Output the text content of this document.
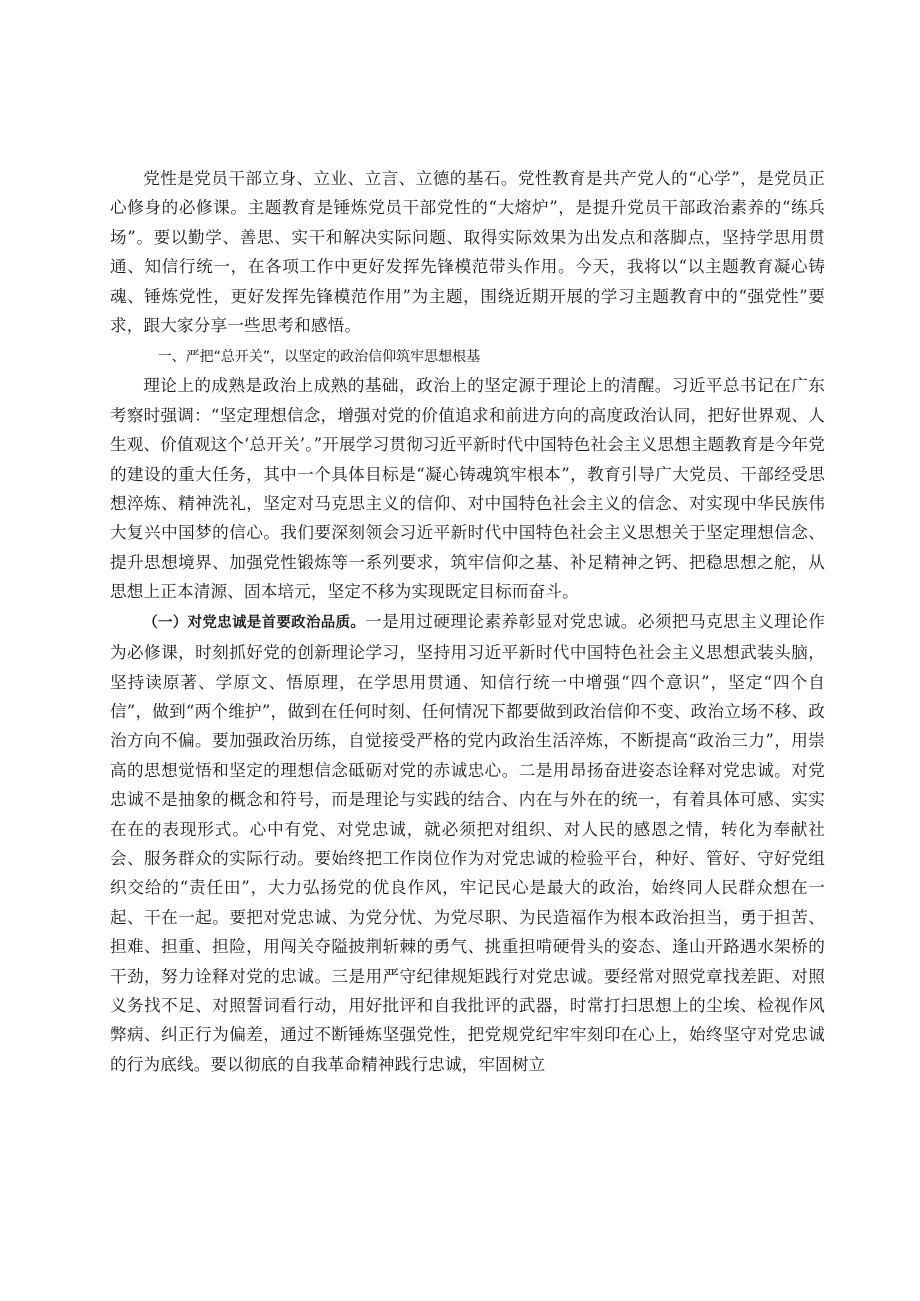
党性是党员干部立身、立业、立言、立德的基石。党性教育是共产党人的“心学”，是党员正心修身的必修课。主题教育是锤炼党员干部党性的“大熔炉”，是提升党员干部政治素养的“练兵场”。要以勤学、善思、实干和解决实际问题、取得实际效果为出发点和落脚点，坚持学思用贯通、知信行统一，在各项工作中更好发挥先锋模范带头作用。今天，我将以“以主题教育凝心铸魂、锤炼党性，更好发挥先锋模范作用”为主题，围绕近期开展的学习主题教育中的“强党性”要求，跟大家分享一些思考和感悟。

一、严把“总开关”，以坚定的政治信仰筑牢思想根基

理论上的成熟是政治上成熟的基础，政治上的坚定源于理论上的清醒。习近平总书记在广东考察时强调：“坚定理想信念，增强对党的价值追求和前进方向的高度政治认同，把好世界观、人生观、价值观这个‘总开关’。”开展学习贯彻习近平新时代中国特色社会主义思想主题教育是今年党的建设的重大任务，其中一个具体目标是“凝心铸魂筑牢根本”，教育引导广大党员、干部经受思想淬炼、精神洗礼，坚定对马克思主义的信仰、对中国特色社会主义的信念、对实现中华民族伟大复兴中国梦的信心。我们要深刻领会习近平新时代中国特色社会主义思想关于坚定理想信念、提升思想境界、加强党性锻炼等一系列要求，筑牢信仰之基、补足精神之钙、把稳思想之舵，从思想上正本清源、固本培元，坚定不移为实现既定目标而奋斗。

（一）对党忠诚是首要政治品质。一是用过硬理论素养彰显对党忠诚。必须把马克思主义理论作为必修课，时刻抓好党的创新理论学习，坚持用习近平新时代中国特色社会主义思想武装头脑，坚持读原著、学原文、悟原理，在学思用贯通、知信行统一中增强“四个意识”，坚定“四个自信”，做到“两个维护”，做到在任何时刻、任何情况下都要做到政治信仰不变、政治立场不移、政治方向不偏。要加强政治历练，自觉接受严格的党内政治生活淬炼，不断提高“政治三力”，用崇高的思想觉悟和坚定的理想信念砥砺对党的赤诚忠心。二是用昂扬奋进姿态诠释对党忠诚。对党忠诚不是抽象的概念和符号，而是理论与实践的结合、内在与外在的统一，有着具体可感、实实在在的表现形式。心中有党、对党忠诚，就必须把对组织、对人民的感恩之情，转化为奉献社会、服务群众的实际行动。要始终把工作岗位作为对党忠诚的检验平台，种好、管好、守好党组织交给的“责任田”，大力弘扬党的优良作风，牢记民心是最大的政治，始终同人民群众想在一起、干在一起。要把对党忠诚、为党分忧、为党尽职、为民造福作为根本政治担当，勇于担苦、担难、担重、担险，用闯关夺隘披荆斩棘的勇气、挑重担啃硬骨头的姿态、逢山开路遇水架桥的干劲，努力诠释对党的忠诚。三是用严守纪律规矩践行对党忠诚。要经常对照党章找差距、对照义务找不足、对照誓词看行动，用好批评和自我批评的武器，时常打扫思想上的尘埃、检视作风弊病、纠正行为偏差，通过不断锤炼坚强党性，把党规党纪牢牢刻印在心上，始终坚守对党忠诚的行为底线。要以彻底的自我革命精神践行忠诚，牢固树立
